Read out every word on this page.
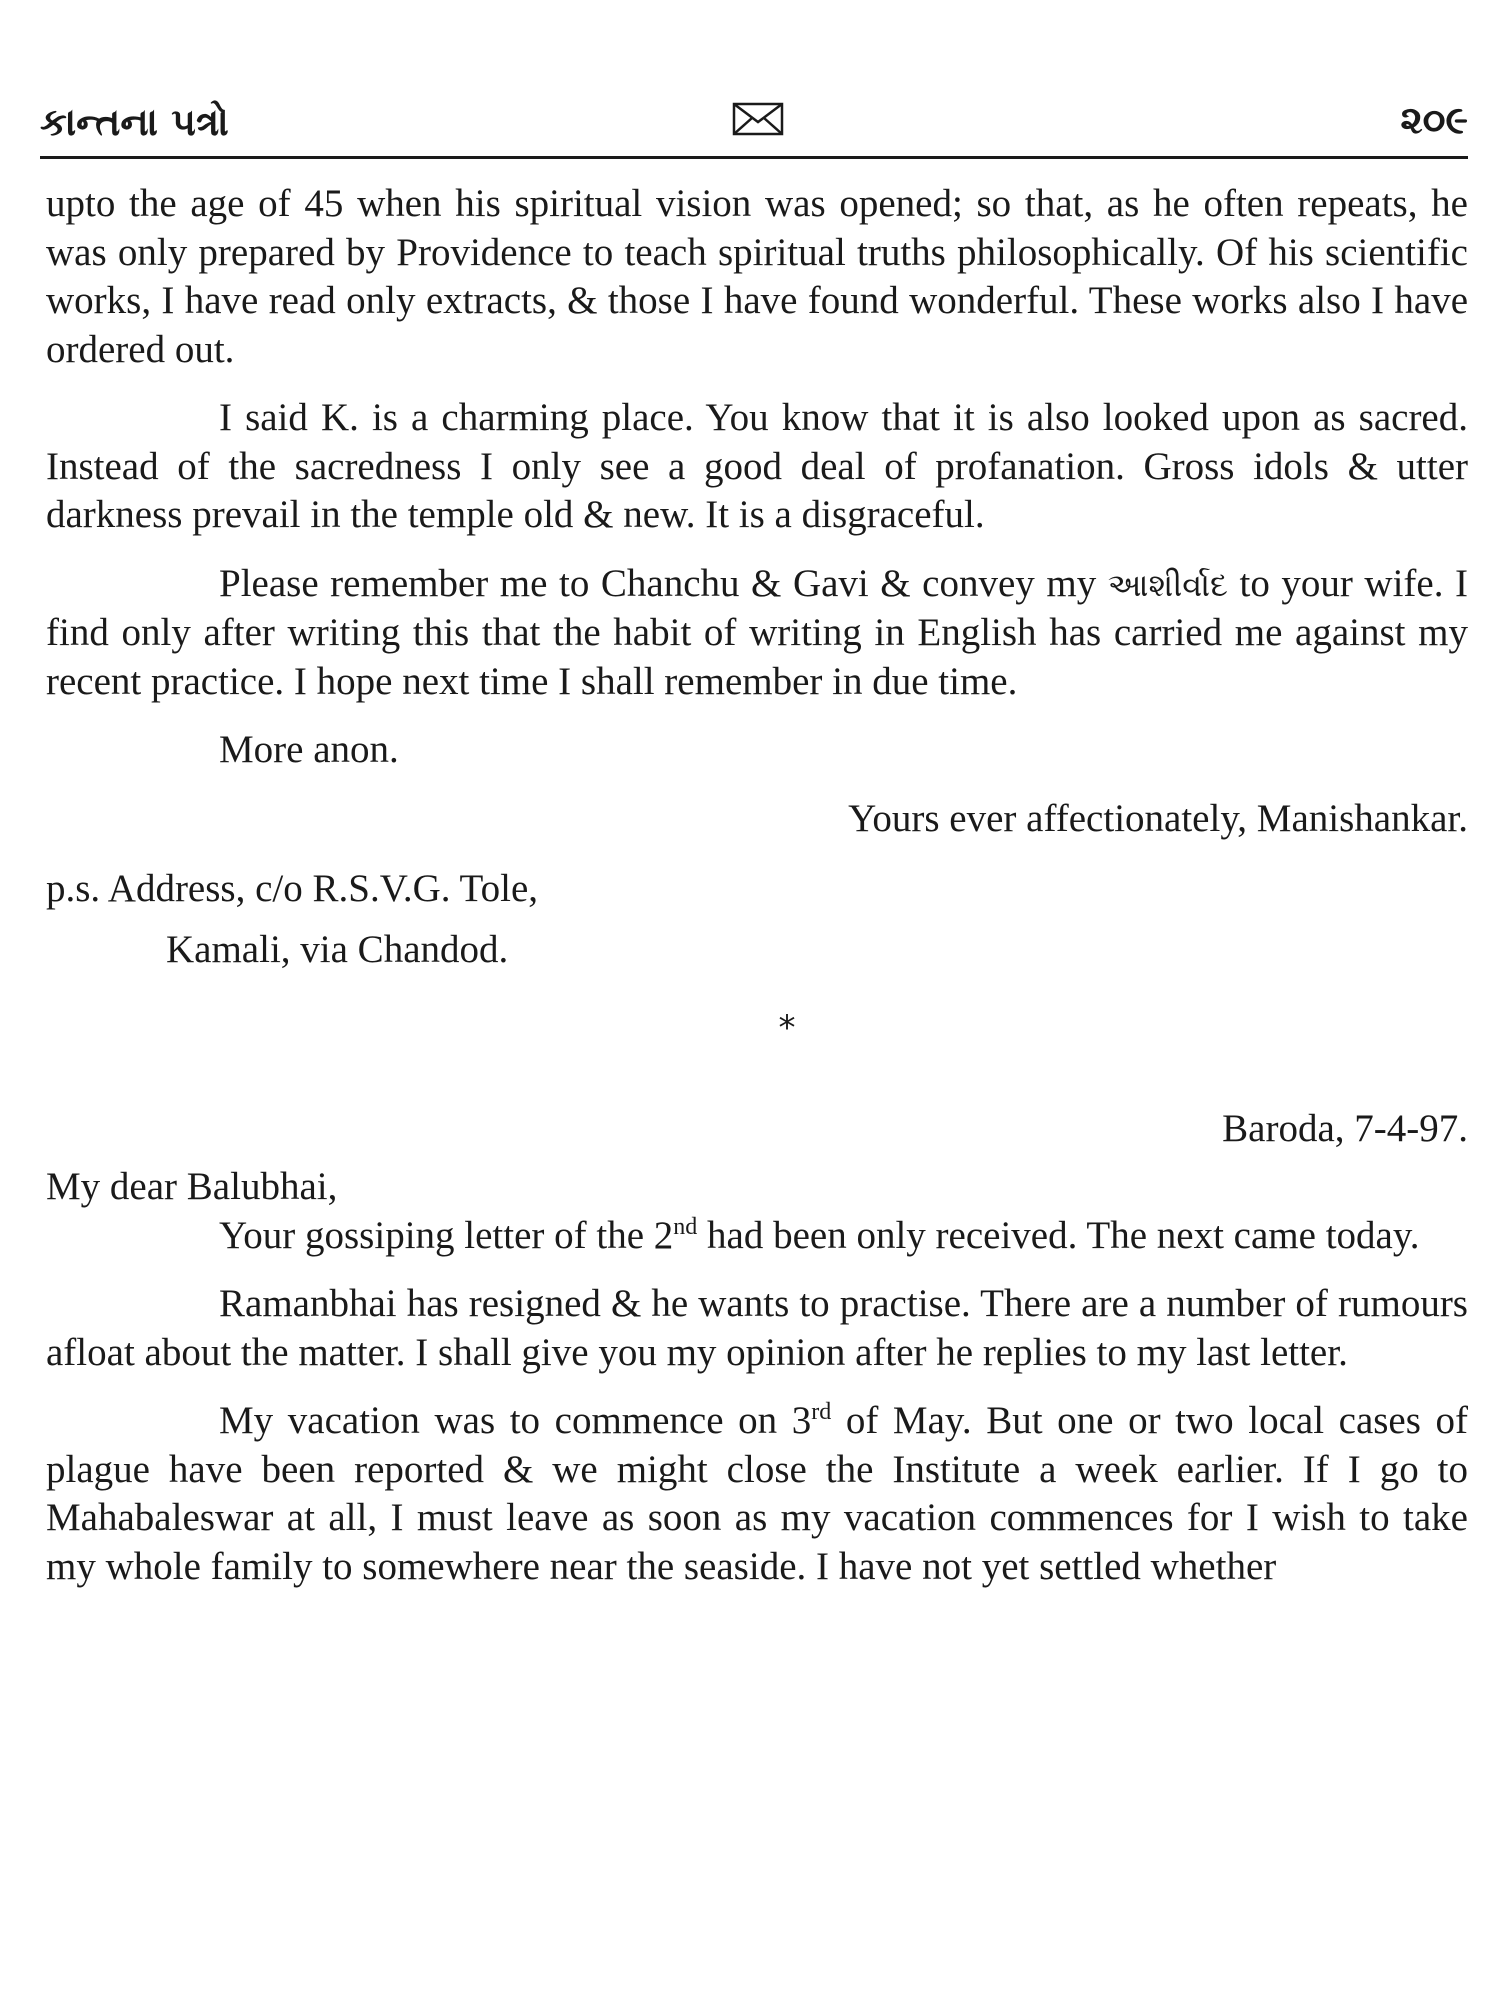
કાન્તના પત્રો	૨૦૯

upto the age of 45 when his spiritual vision was opened; so that, as he often repeats, he was only prepared by Providence to teach spiritual truths philosophically. Of his scientific works, I have read only extracts, & those I have found wonderful. These works also I have ordered out.

I said K. is a charming place. You know that it is also looked upon as sacred. Instead of the sacredness I only see a good deal of profanation. Gross idols & utter darkness prevail in the temple old & new. It is a disgraceful.

Please remember me to Chanchu & Gavi & convey my આશીર્વાદ to your wife. I find only after writing this that the habit of writing in English has carried me against my recent practice. I hope next time I shall remember in due time.

More anon.

Yours ever affectionately, Manishankar.

p.s. Address, c/o R.S.V.G. Tole,

Kamali, via Chandod.

*

Baroda, 7-4-97.

My dear Balubhai,

Your gossiping letter of the 2nd had been only received. The next came today.

Ramanbhai has resigned & he wants to practise. There are a number of rumours afloat about the matter. I shall give you my opinion after he replies to my last letter.

My vacation was to commence on 3rd of May. But one or two local cases of plague have been reported & we might close the Institute a week earlier. If I go to Mahabaleswar at all, I must leave as soon as my vacation commences for I wish to take my whole family to somewhere near the seaside. I have not yet settled whether
